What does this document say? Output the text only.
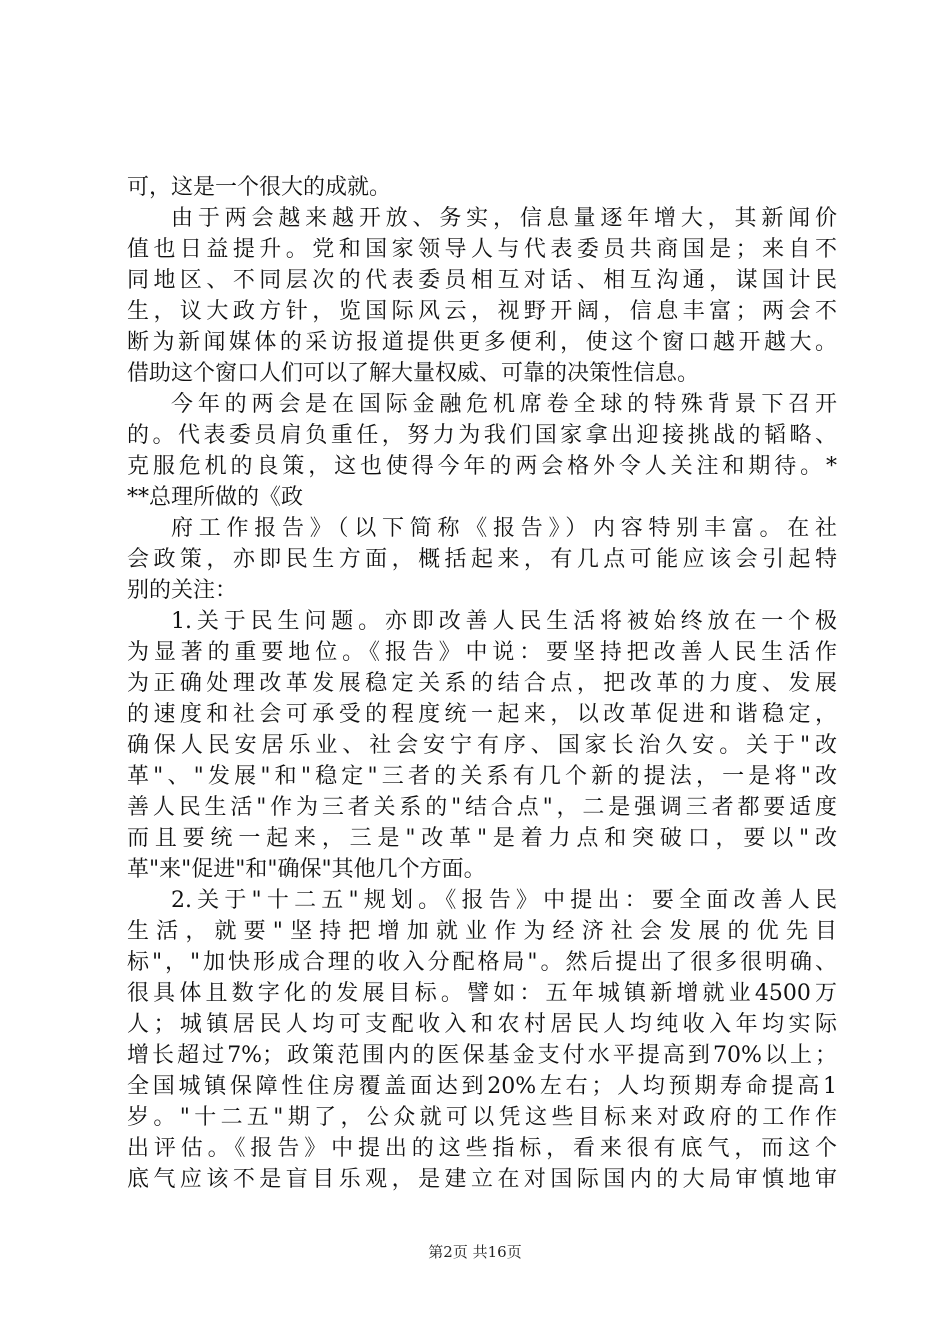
可，这是一个很大的成就。
由于两会越来越开放、务实，信息量逐年增大，其新闻价
值也日益提升。党和国家领导人与代表委员共商国是；来自不
同地区、不同层次的代表委员相互对话、相互沟通，谋国计民
生，议大政方针，览国际风云，视野开阔，信息丰富；两会不
断为新闻媒体的采访报道提供更多便利，使这个窗口越开越大。
借助这个窗口人们可以了解大量权威、可靠的决策性信息。
今年的两会是在国际金融危机席卷全球的特殊背景下召开
的。代表委员肩负重任，努力为我们国家拿出迎接挑战的韬略、
克服危机的良策，这也使得今年的两会格外令人关注和期待。*
**总理所做的《政
府工作报告》（以下简称《报告》）内容特别丰富。在社
会政策，亦即民生方面，概括起来，有几点可能应该会引起特
别的关注：
1.关于民生问题。亦即改善人民生活将被始终放在一个极
为显著的重要地位。《报告》中说：要坚持把改善人民生活作
为正确处理改革发展稳定关系的结合点，把改革的力度、发展
的速度和社会可承受的程度统一起来，以改革促进和谐稳定，
确保人民安居乐业、社会安宁有序、国家长治久安。关于"改
革"、"发展"和"稳定"三者的关系有几个新的提法，一是将"改
善人民生活"作为三者关系的"结合点"，二是强调三者都要适度
而且要统一起来，三是"改革"是着力点和突破口，要以"改
革"来"促进"和"确保"其他几个方面。
2.关于"十二五"规划。《报告》中提出：要全面改善人民
生活，就要"坚持把增加就业作为经济社会发展的优先目
标"，"加快形成合理的收入分配格局"。然后提出了很多很明确、
很具体且数字化的发展目标。譬如：五年城镇新增就业4500万
人；城镇居民人均可支配收入和农村居民人均纯收入年均实际
增长超过7%；政策范围内的医保基金支付水平提高到70%以上；
全国城镇保障性住房覆盖面达到20%左右；人均预期寿命提高1
岁。"十二五"期了，公众就可以凭这些目标来对政府的工作作
出评估。《报告》中提出的这些指标，看来很有底气，而这个
底气应该不是盲目乐观，是建立在对国际国内的大局审慎地审
第2页 共16页
